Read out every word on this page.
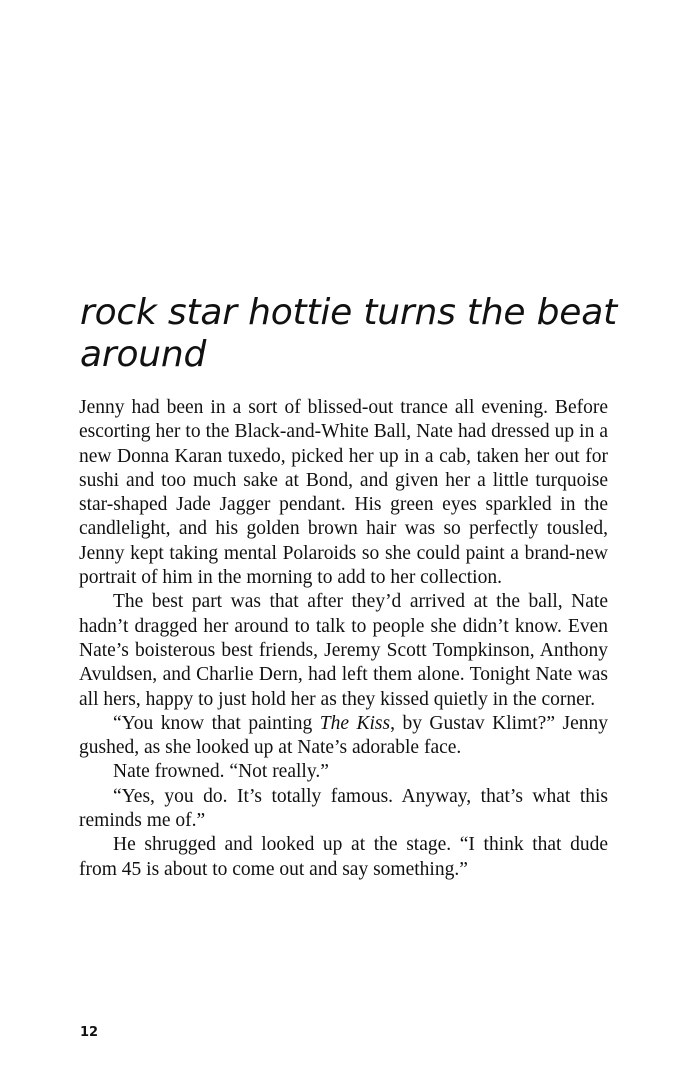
rock star hottie turns the beat around

Jenny had been in a sort of blissed-out trance all evening. Before escorting her to the Black-and-White Ball, Nate had dressed up in a new Donna Karan tuxedo, picked her up in a cab, taken her out for sushi and too much sake at Bond, and given her a little turquoise star-shaped Jade Jagger pendant. His green eyes sparkled in the candlelight, and his golden brown hair was so perfectly tousled, Jenny kept taking mental Polaroids so she could paint a brand-new portrait of him in the morning to add to her collection.

The best part was that after they’d arrived at the ball, Nate hadn’t dragged her around to talk to people she didn’t know. Even Nate’s boisterous best friends, Jeremy Scott Tompkinson, Anthony Avuldsen, and Charlie Dern, had left them alone. Tonight Nate was all hers, happy to just hold her as they kissed quietly in the corner.

“You know that painting The Kiss, by Gustav Klimt?” Jenny gushed, as she looked up at Nate’s adorable face.

Nate frowned. “Not really.”

“Yes, you do. It’s totally famous. Anyway, that’s what this reminds me of.”

He shrugged and looked up at the stage. “I think that dude from 45 is about to come out and say something.”

12
